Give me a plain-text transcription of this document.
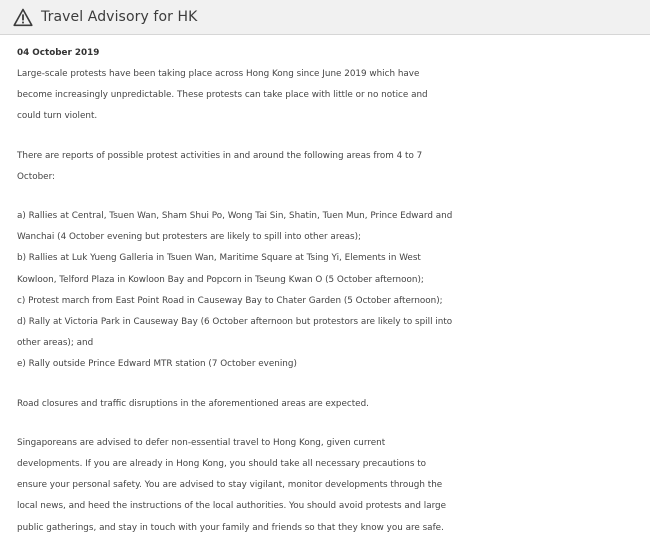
Travel Advisory for HK

04 October 2019

Large-scale protests have been taking place across Hong Kong since June 2019 which have

become increasingly unpredictable. These protests can take place with little or no notice and

could turn violent.

There are reports of possible protest activities in and around the following areas from 4 to 7

October:

a) Rallies at Central, Tsuen Wan, Sham Shui Po, Wong Tai Sin, Shatin, Tuen Mun, Prince Edward and

Wanchai (4 October evening but protesters are likely to spill into other areas);

b) Rallies at Luk Yueng Galleria in Tsuen Wan, Maritime Square at Tsing Yi, Elements in West

Kowloon, Telford Plaza in Kowloon Bay and Popcorn in Tseung Kwan O (5 October afternoon);

c) Protest march from East Point Road in Causeway Bay to Chater Garden (5 October afternoon);

d) Rally at Victoria Park in Causeway Bay (6 October afternoon but protestors are likely to spill into

other areas); and

e) Rally outside Prince Edward MTR station (7 October evening)

Road closures and traffic disruptions in the aforementioned areas are expected.

Singaporeans are advised to defer non-essential travel to Hong Kong, given current

developments. If you are already in Hong Kong, you should take all necessary precautions to

ensure your personal safety. You are advised to stay vigilant, monitor developments through the

local news, and heed the instructions of the local authorities. You should avoid protests and large

public gatherings, and stay in touch with your family and friends so that they know you are safe.
